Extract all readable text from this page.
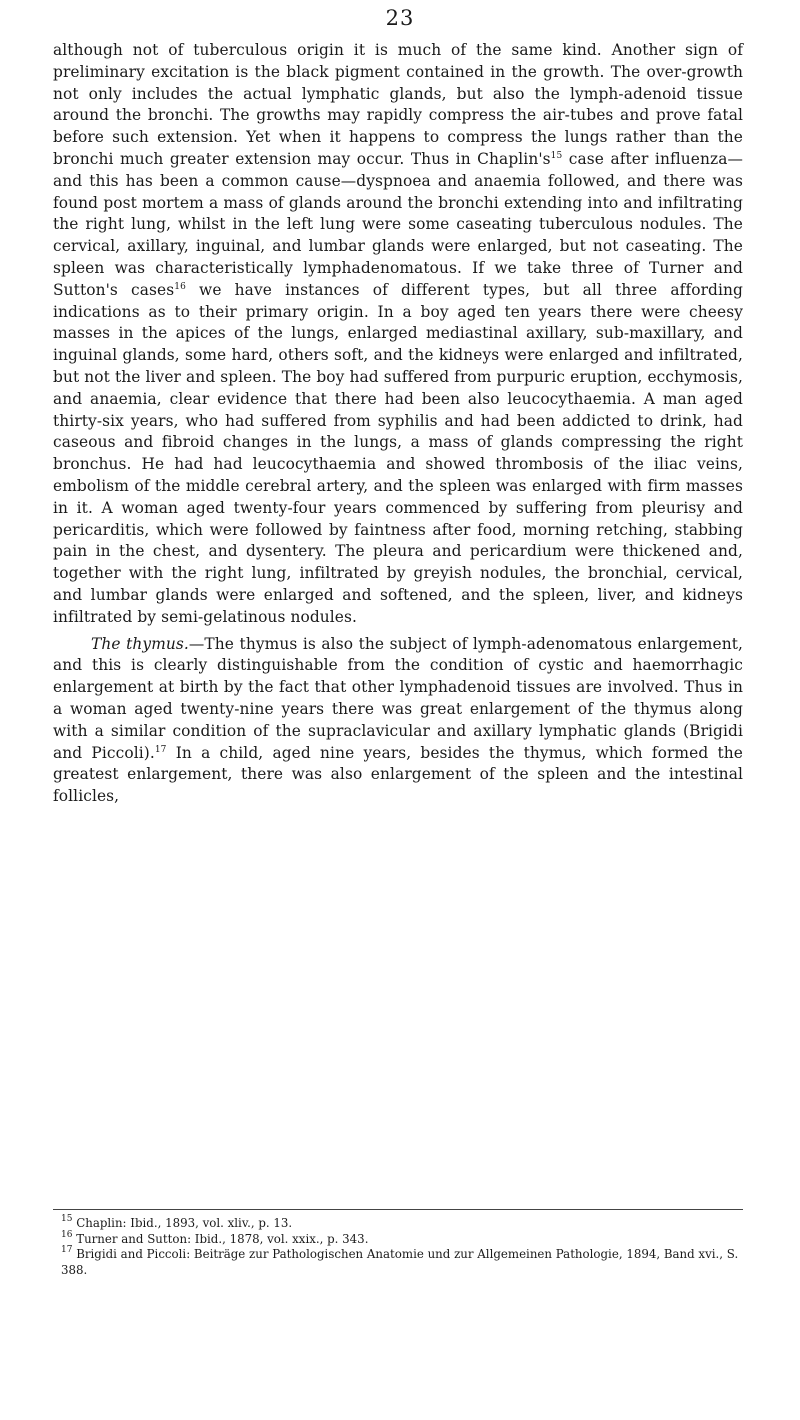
23

although not of tuberculous origin it is much of the same kind. Another sign of preliminary excitation is the black pigment contained in the growth. The over-growth not only includes the actual lymphatic glands, but also the lymph-adenoid tissue around the bronchi. The growths may rapidly compress the air-tubes and prove fatal before such extension. Yet when it happens to compress the lungs rather than the bronchi much greater extension may occur. Thus in $Chaplin's^{15}$ case after influenza—and this has been a common cause—dyspnoea and anaemia followed, and there was found post mortem a mass of glands around the bronchi extending into and infiltrating the right lung, whilst in the left lung were some caseating tuberculous nodules. The cervical, axillary, inguinal, and lumbar glands were enlarged, but not caseating. The spleen was characteristically lymphadenomatous. If we take three of Turner and Sutton's cases$^{16}$ we have instances of different types, but all three affording indications as to their primary origin. In a boy aged ten years there were cheesy masses in the apices of the lungs, enlarged mediastinal axillary, sub-maxillary, and inguinal glands, some hard, others soft, and the kidneys were enlarged and infiltrated, but not the liver and spleen. The boy had suffered from purpuric eruption, ecchymosis, and anaemia, clear evidence that there had been also leucocythaemia. A man aged thirty-six years, who had suffered from syphilis and had been addicted to drink, had caseous and fibroid changes in the lungs, a mass of glands compressing the right bronchus. He had had leucocythaemia and showed thrombosis of the iliac veins, embolism of the middle cerebral artery, and the spleen was enlarged with firm masses in it. A woman aged twenty-four years commenced by suffering from pleurisy and pericarditis, which were followed by faintness after food, morning retching, stabbing pain in the chest, and dysentery. The pleura and pericardium were thickened and, together with the right lung, infiltrated by greyish nodules, the bronchial, cervical, and lumbar glands were enlarged and softened, and the spleen, liver, and kidneys infiltrated by semi-gelatinous nodules.

The thymus.—The thymus is also the subject of lymph-adenomatous enlargement, and this is clearly distinguishable from the condition of cystic and haemorrhagic enlargement at birth by the fact that other lymphadenoid tissues are involved. Thus in a woman aged twenty-nine years there was great enlargement of the thymus along with a similar condition of the supraclavicular and axillary lymphatic glands (Brigidi and Piccoli).$^{17}$ In a child, aged nine years, besides the thymus, which formed the greatest enlargement, there was also enlargement of the spleen and the intestinal follicles,

$^{15}$ Chaplin: Ibid., 1893, vol. xliv., p. 13.

$^{16}$ Turner and Sutton: Ibid., 1878, vol. xxix., p. 343.

$^{17}$ Brigidi and Piccoli: Beiträge zur Pathologischen Anatomie und zur Allgemeinen Pathologie, 1894, Band xvi., S. 388.
